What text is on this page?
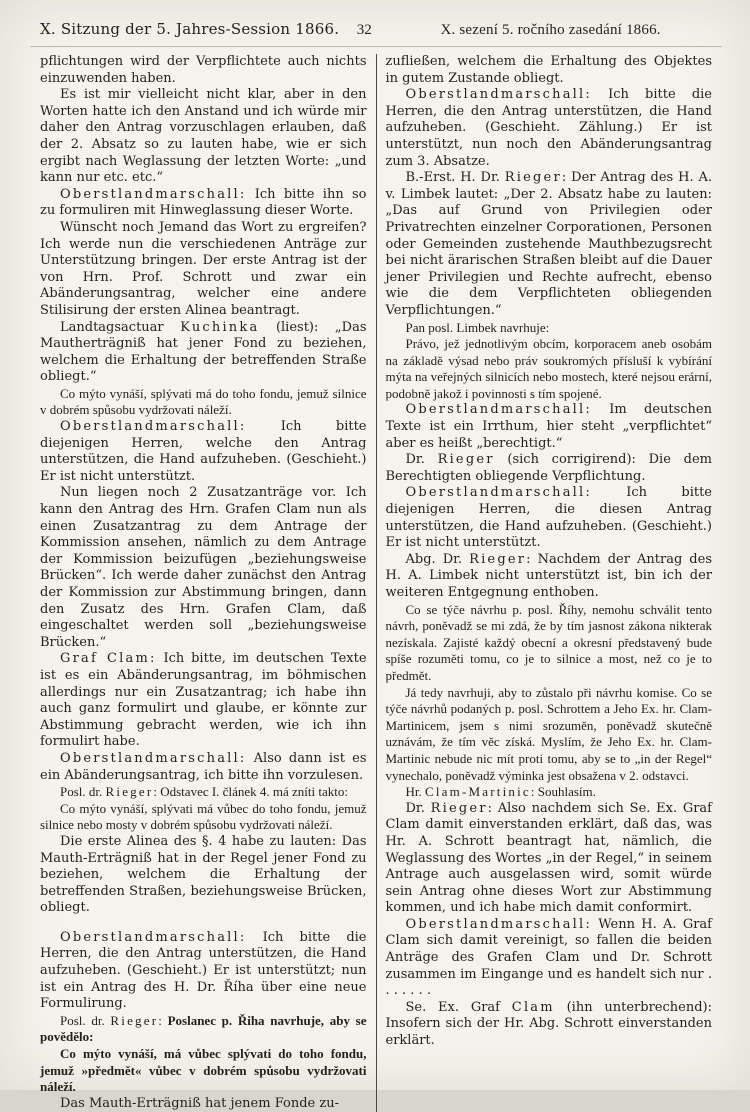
X. Sitzung der 5. Jahres-Session 1866.	32	X. sezení 5. ročního zasedání 1866.

pflichtungen wird der Verpflichtete auch nichts einzuwenden haben.

Es ist mir vielleicht nicht klar, aber in den Worten hatte ich den Anstand und ich würde mir daher den Antrag vorzuschlagen erlauben, daß der 2. Absatz so zu lauten habe, wie er sich ergibt nach Weglassung der letzten Worte: „und kann nur etc. etc.“

Oberstlandmarschall: Ich bitte ihn so zu formuliren mit Hinweglassung dieser Worte.

Wünscht noch Jemand das Wort zu ergreifen? Ich werde nun die verschiedenen Anträge zur Unterstützung bringen. Der erste Antrag ist der von Hrn. Prof. Schrott und zwar ein Abänderungsantrag, welcher eine andere Stilisirung der ersten Alinea beantragt.

Landtagsactuar Kuchinka (liest): „Das Mautherträgniß hat jener Fond zu beziehen, welchem die Erhaltung der betreffenden Straße obliegt.“

Co mýto vynáší, splývati má do toho fondu, jemuž silnice v dobrém spůsobu vydržovati náleží.

Oberstlandmarschall: Ich bitte diejenigen Herren, welche den Antrag unterstützen, die Hand aufzuheben. (Geschieht.) Er ist nicht unterstützt.

Nun liegen noch 2 Zusatzanträge vor. Ich kann den Antrag des Hrn. Grafen Clam nun als einen Zusatzantrag zu dem Antrage der Kommission ansehen, nämlich zu dem Antrage der Kommission beizufügen „beziehungsweise Brücken“. Ich werde daher zunächst den Antrag der Kommission zur Abstimmung bringen, dann den Zusatz des Hrn. Grafen Clam, daß eingeschaltet werden soll „beziehungsweise Brücken.“

Graf Clam: Ich bitte, im deutschen Texte ist es ein Abänderungsantrag, im böhmischen allerdings nur ein Zusatzantrag; ich habe ihn auch ganz formulirt und glaube, er könnte zur Abstimmung gebracht werden, wie ich ihn formulirt habe.

Oberstlandmarschall: Also dann ist es ein Abänderungsantrag, ich bitte ihn vorzulesen.

Posl. dr. Rieger: Odstavec I. článek 4. má zníti takto:

Co mýto vynáší, splývati má vůbec do toho fondu, jemuž silnice nebo mosty v dobrém spůsobu vydržovati náleží.

Die erste Alinea des §. 4 habe zu lauten: Das Mauth-Erträgniß hat in der Regel jener Fond zu beziehen, welchem die Erhaltung der betreffenden Straßen, beziehungsweise Brücken, obliegt.

Oberstlandmarschall: Ich bitte die Herren, die den Antrag unterstützen, die Hand aufzuheben. (Geschieht.) Er ist unterstützt; nun ist ein Antrag des H. Dr. Říha über eine neue Formulirung.

Posl. dr. Rieger: Poslanec p. Řiha navrhuje, aby se povědělo:

Co mýto vynáší, má vůbec splývati do toho fondu, jemuž »předmět« vůbec v dobrém spůsobu vydržovati náleží.

Das Mauth-Erträgniß hat jenem Fonde zu-

zufließen, welchem die Erhaltung des Objektes in gutem Zustande obliegt.

Oberstlandmarschall: Ich bitte die Herren, die den Antrag unterstützen, die Hand aufzuheben. (Geschieht. Zählung.) Er ist unterstützt, nun noch den Abänderungsantrag zum 3. Absatze.

B.-Erst. H. Dr. Rieger: Der Antrag des H. A. v. Limbek lautet: „Der 2. Absatz habe zu lauten: „Das auf Grund von Privilegien oder Privatrechten einzelner Corporationen, Personen oder Gemeinden zustehende Mauthbezugsrecht bei nicht ärarischen Straßen bleibt auf die Dauer jener Privilegien und Rechte aufrecht, ebenso wie die dem Verpflichteten obliegenden Verpflichtungen.“

Pan posl. Limbek navrhuje:

Právo, jež jednotlivým obcím, korporacem aneb osobám na základě výsad nebo práv soukromých přísluší k vybírání mýta na veřejných silnicích nebo mostech, které nejsou erární, podobně jakož i povinnosti s tím spojené.

Oberstlandmarschall: Im deutschen Texte ist ein Irrthum, hier steht „verpflichtet“ aber es heißt „berechtigt.“

Dr. Rieger (sich corrigirend): Die dem Berechtigten obliegende Verpflichtung.

Oberstlandmarschall: Ich bitte diejenigen Herren, die diesen Antrag unterstützen, die Hand aufzuheben. (Geschieht.) Er ist nicht unterstützt.

Abg. Dr. Rieger: Nachdem der Antrag des H. A. Limbek nicht unterstützt ist, bin ich der weiteren Entgegnung enthoben.

Co se týče návrhu p. posl. Říhy, nemohu schválit tento návrh, poněvadž se mi zdá, že by tím jasnost zákona nikterak nezískala. Zajisté každý obecní a okresní představený bude spíše rozuměti tomu, co je to silnice a most, než co je to předmět.

Já tedy navrhuji, aby to zůstalo při návrhu komise. Co se týče návrhů podaných p. posl. Schrottem a Jeho Ex. hr. Clam-Martinicem, jsem s nimi srozuměn, poněvadž skutečně uznávám, že tím věc získá. Myslím, že Jeho Ex. hr. Clam-Martinic nebude nic mít proti tomu, aby se to „in der Regel“ vynechalo, poněvadž výminka jest obsažena v 2. odstavci.

Hr. Clam-Martinic: Souhlasím.

Dr. Rieger: Also nachdem sich Se. Ex. Graf Clam damit einverstanden erklärt, daß das, was Hr. A. Schrott beantragt hat, nämlich, die Weglassung des Wortes „in der Regel,“ in seinem Antrage auch ausgelassen wird, somit würde sein Antrag ohne dieses Wort zur Abstimmung kommen, und ich habe mich damit conformirt.

Oberstlandmarschall: Wenn H. A. Graf Clam sich damit vereinigt, so fallen die beiden Anträge des Grafen Clam und Dr. Schrott zusammen im Eingange und es handelt sich nur . . . . . . .

Se. Ex. Graf Clam (ihn unterbrechend): Insofern sich der Hr. Abg. Schrott einverstanden erklärt.
